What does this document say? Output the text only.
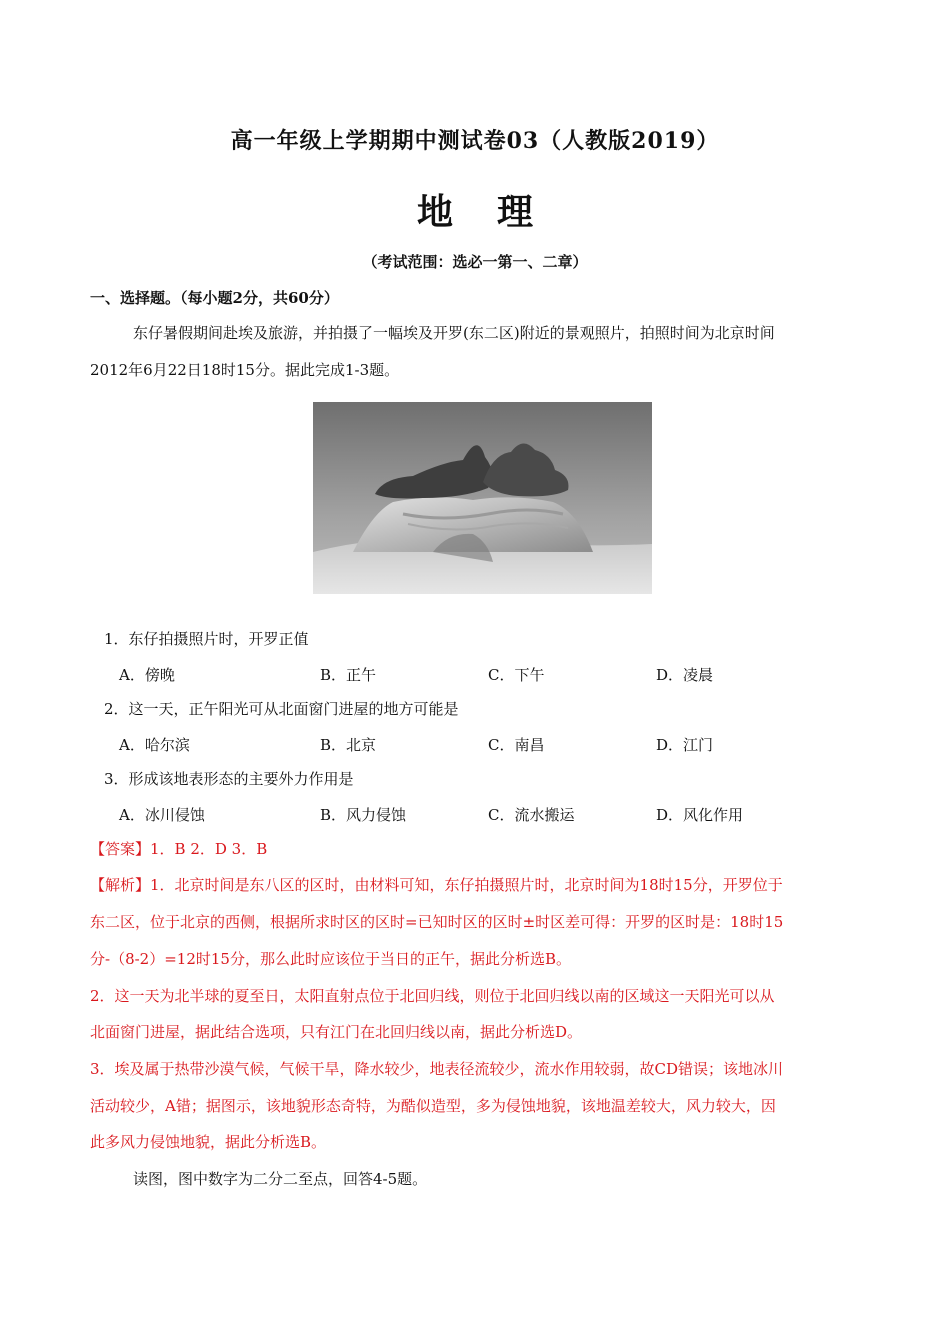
高一年级上学期期中测试卷03（人教版2019）
地理
（考试范围：选必一第一、二章）
一、选择题。（每小题2分，共60分）
东仔暑假期间赴埃及旅游，并拍摄了一幅埃及开罗(东二区)附近的景观照片，拍照时间为北京时间
2012年6月22日18时15分。据此完成1-3题。
1．东仔拍摄照片时，开罗正值
A．傍晚	B．正午	C．下午	D．凌晨
2．这一天，正午阳光可从北面窗门进屋的地方可能是
A．哈尔滨	B．北京	C．南昌	D．江门
3．形成该地表形态的主要外力作用是
A．冰川侵蚀	B．风力侵蚀	C．流水搬运	D．风化作用
【答案】1．B 2．D 3．B
【解析】1．北京时间是东八区的区时，由材料可知，东仔拍摄照片时，北京时间为18时15分，开罗位于
东二区，位于北京的西侧，根据所求时区的区时=已知时区的区时±时区差可得：开罗的区时是：18时15
分-（8-2）=12时15分，那么此时应该位于当日的正午，据此分析选B。
2．这一天为北半球的夏至日，太阳直射点位于北回归线，则位于北回归线以南的区域这一天阳光可以从
北面窗门进屋，据此结合选项，只有江门在北回归线以南，据此分析选D。
3．埃及属于热带沙漠气候，气候干旱，降水较少，地表径流较少，流水作用较弱，故CD错误；该地冰川
活动较少，A错；据图示，该地貌形态奇特，为酷似造型，多为侵蚀地貌，该地温差较大，风力较大，因
此多风力侵蚀地貌，据此分析选B。
读图，图中数字为二分二至点，回答4-5题。
